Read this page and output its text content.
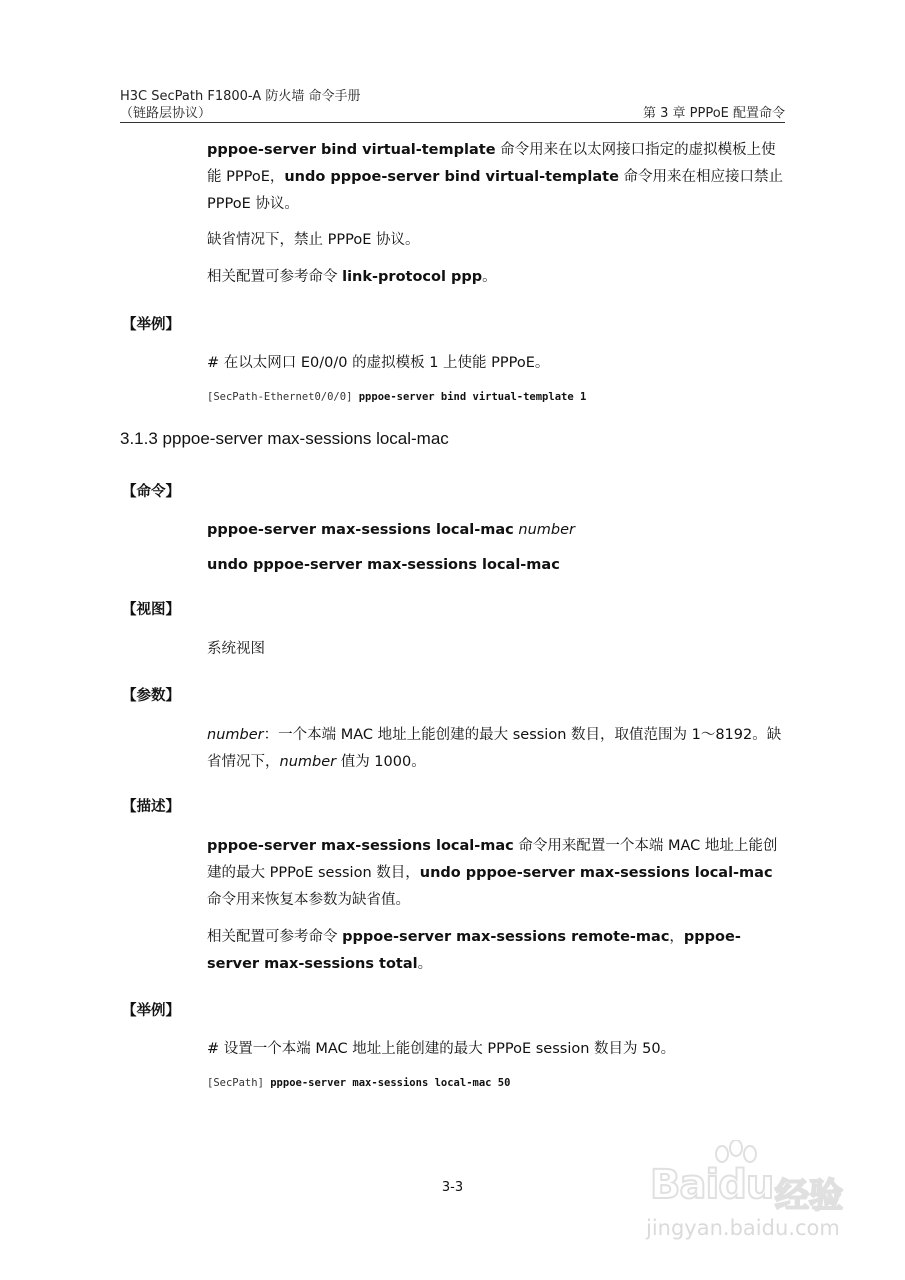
H3C SecPath F1800-A 防火墙 命令手册
（链路层协议）	第 3 章 PPPoE 配置命令
pppoe-server bind virtual-template 命令用来在以太网接口指定的虚拟模板上使能 PPPoE，undo pppoe-server bind virtual-template 命令用来在相应接口禁止 PPPoE 协议。
缺省情况下，禁止 PPPoE 协议。
相关配置可参考命令 link-protocol ppp。
【举例】
# 在以太网口 E0/0/0 的虚拟模板 1 上使能 PPPoE。
[SecPath-Ethernet0/0/0] pppoe-server bind virtual-template 1
3.1.3 pppoe-server max-sessions local-mac
【命令】
pppoe-server max-sessions local-mac number
undo pppoe-server max-sessions local-mac
【视图】
系统视图
【参数】
number：一个本端 MAC 地址上能创建的最大 session 数目，取值范围为 1～8192。缺省情况下，number 值为 1000。
【描述】
pppoe-server max-sessions local-mac 命令用来配置一个本端 MAC 地址上能创建的最大 PPPoE session 数目，undo pppoe-server max-sessions local-mac 命令用来恢复本参数为缺省值。
相关配置可参考命令 pppoe-server max-sessions remote-mac，pppoe-server max-sessions total。
【举例】
# 设置一个本端 MAC 地址上能创建的最大 PPPoE session 数目为 50。
[SecPath] pppoe-server max-sessions local-mac 50
3-3	Baidu 经验
jingyan.baidu.com
